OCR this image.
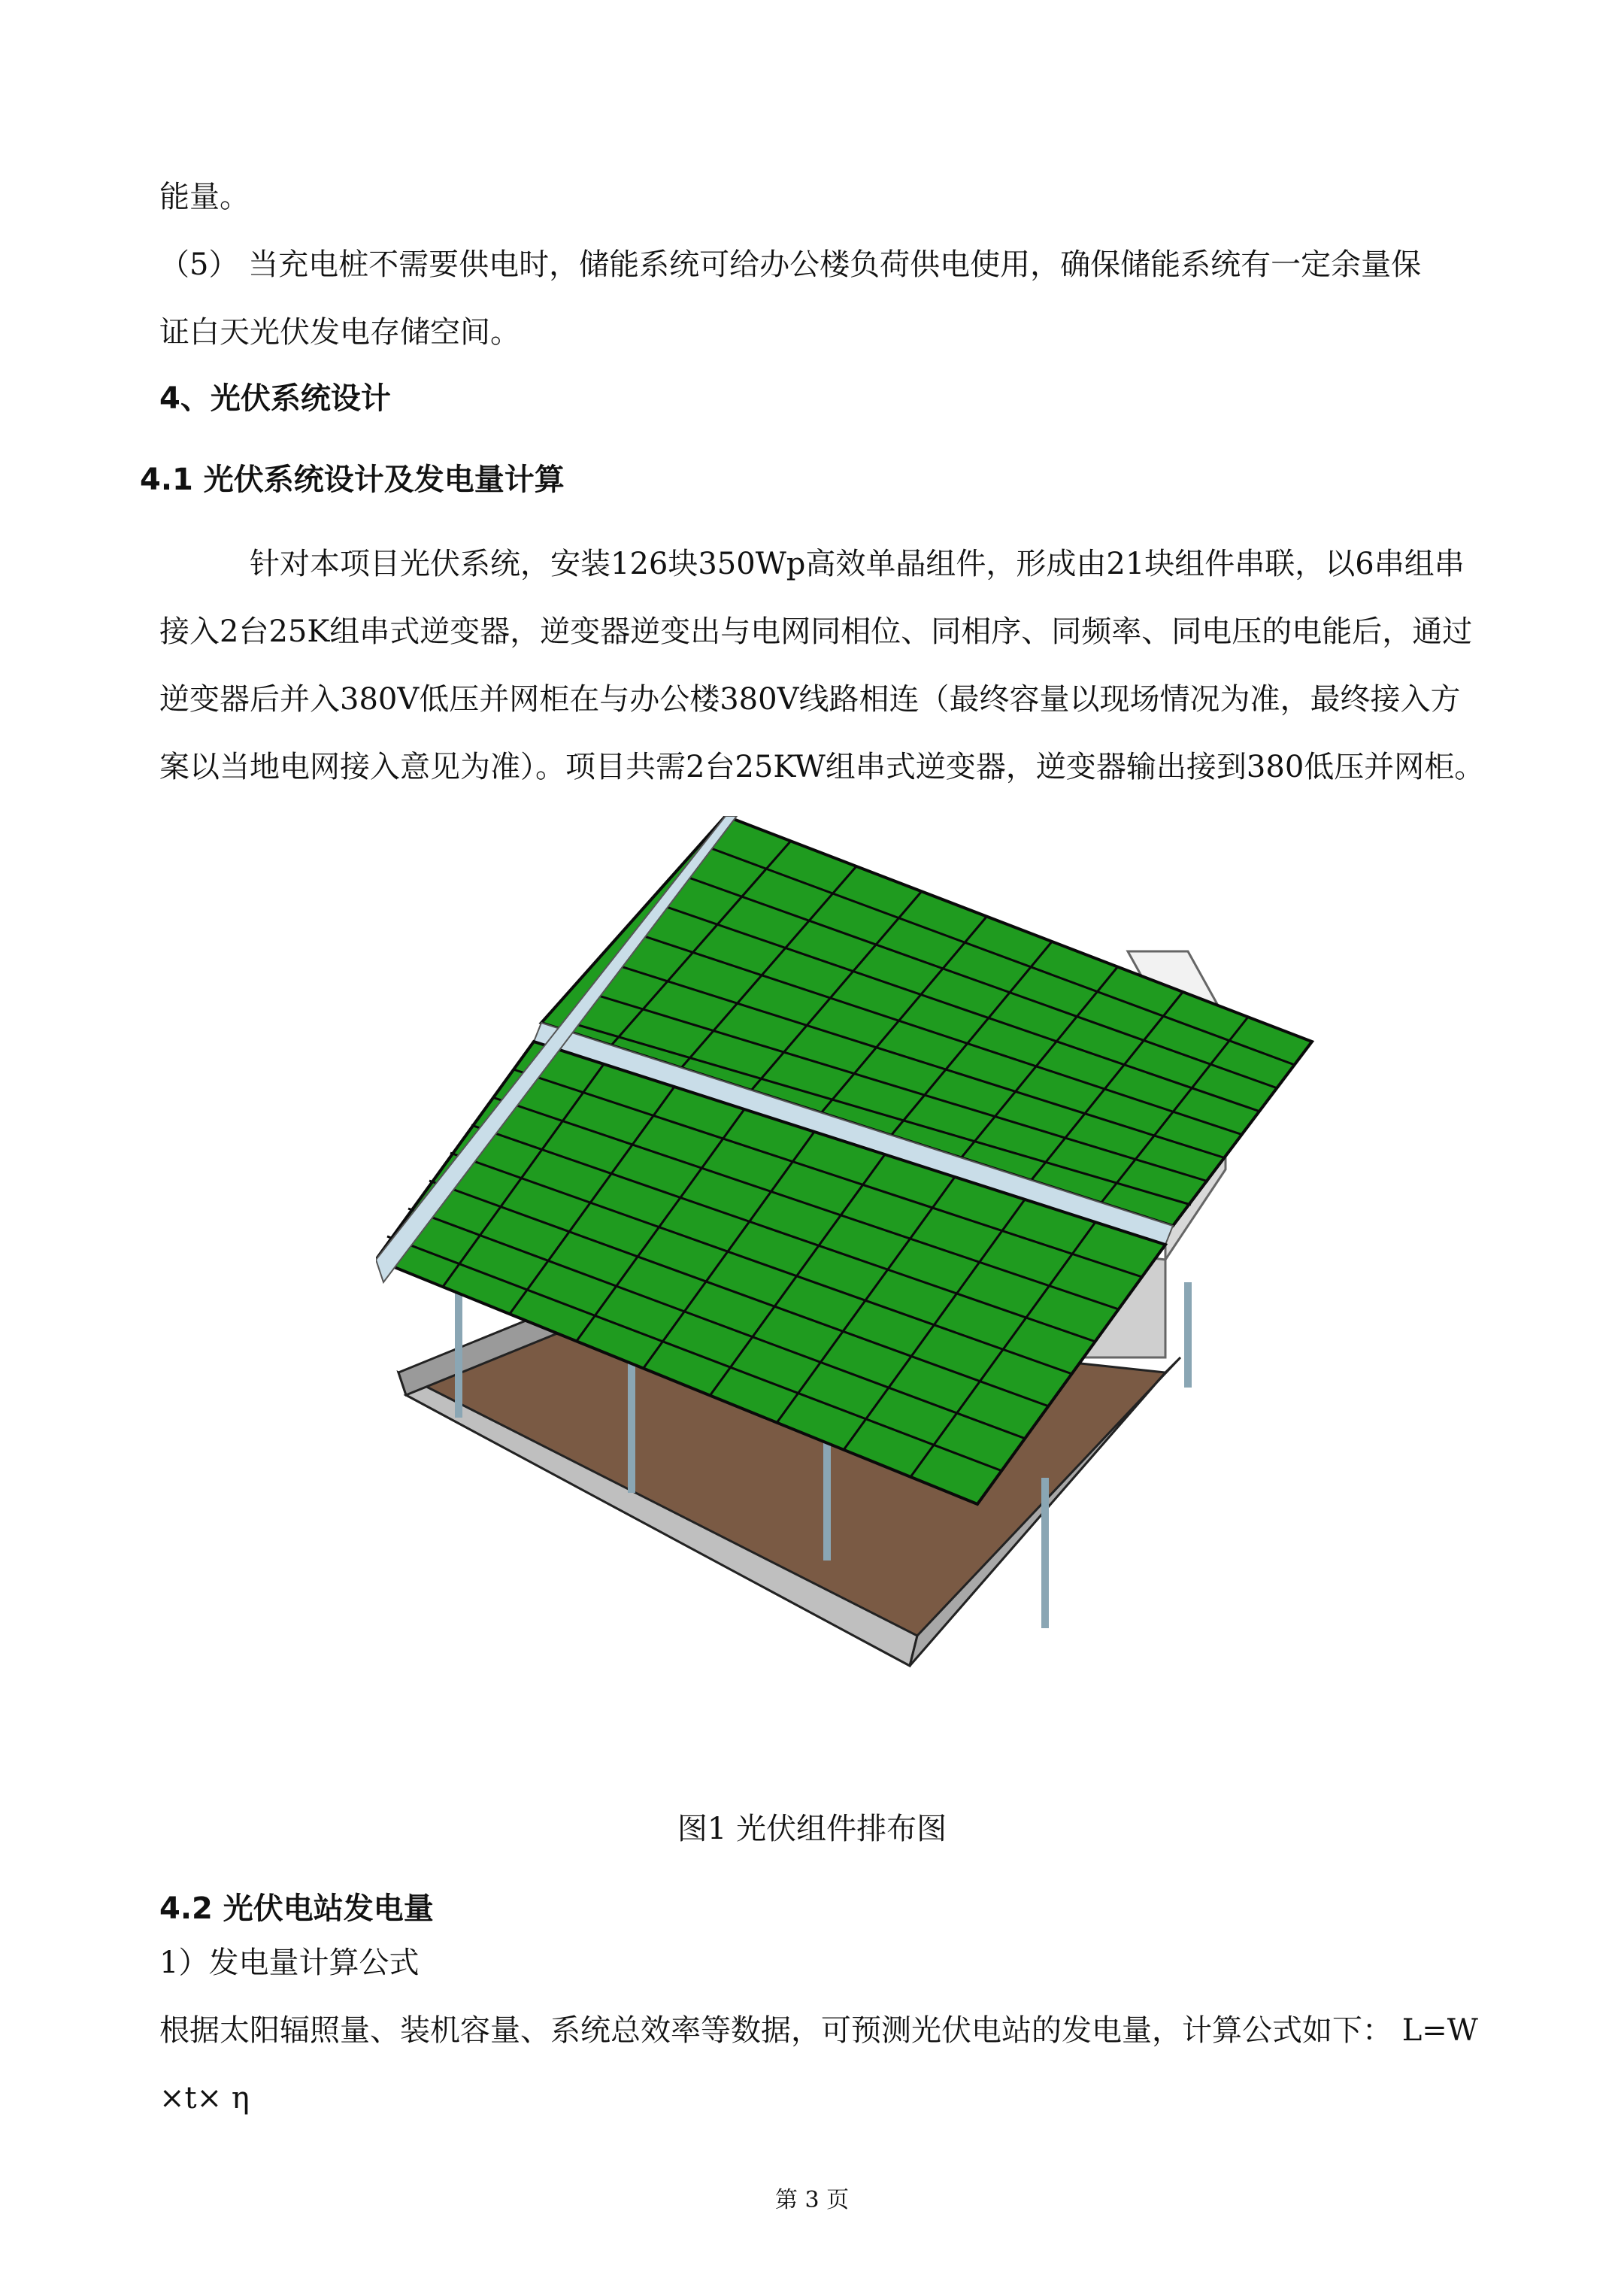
能量。
（5） 当充电桩不需要供电时，储能系统可给办公楼负荷供电使用，确保储能系统有一定余量保
证白天光伏发电存储空间。
4、光伏系统设计
4.1 光伏系统设计及发电量计算
针对本项目光伏系统，安装126块350Wp高效单晶组件，形成由21块组件串联，以6串组串
接入2台25K组串式逆变器，逆变器逆变出与电网同相位、同相序、同频率、同电压的电能后，通过
逆变器后并入380V低压并网柜在与办公楼380V线路相连（最终容量以现场情况为准，最终接入方
案以当地电网接入意见为准）。项目共需2台25KW组串式逆变器，逆变器输出接到380低压并网柜。
图1 光伏组件排布图
4.2 光伏电站发电量
1）发电量计算公式
根据太阳辐照量、装机容量、系统总效率等数据，可预测光伏电站的发电量，计算公式如下： L=W
×t× η
第 3 页
